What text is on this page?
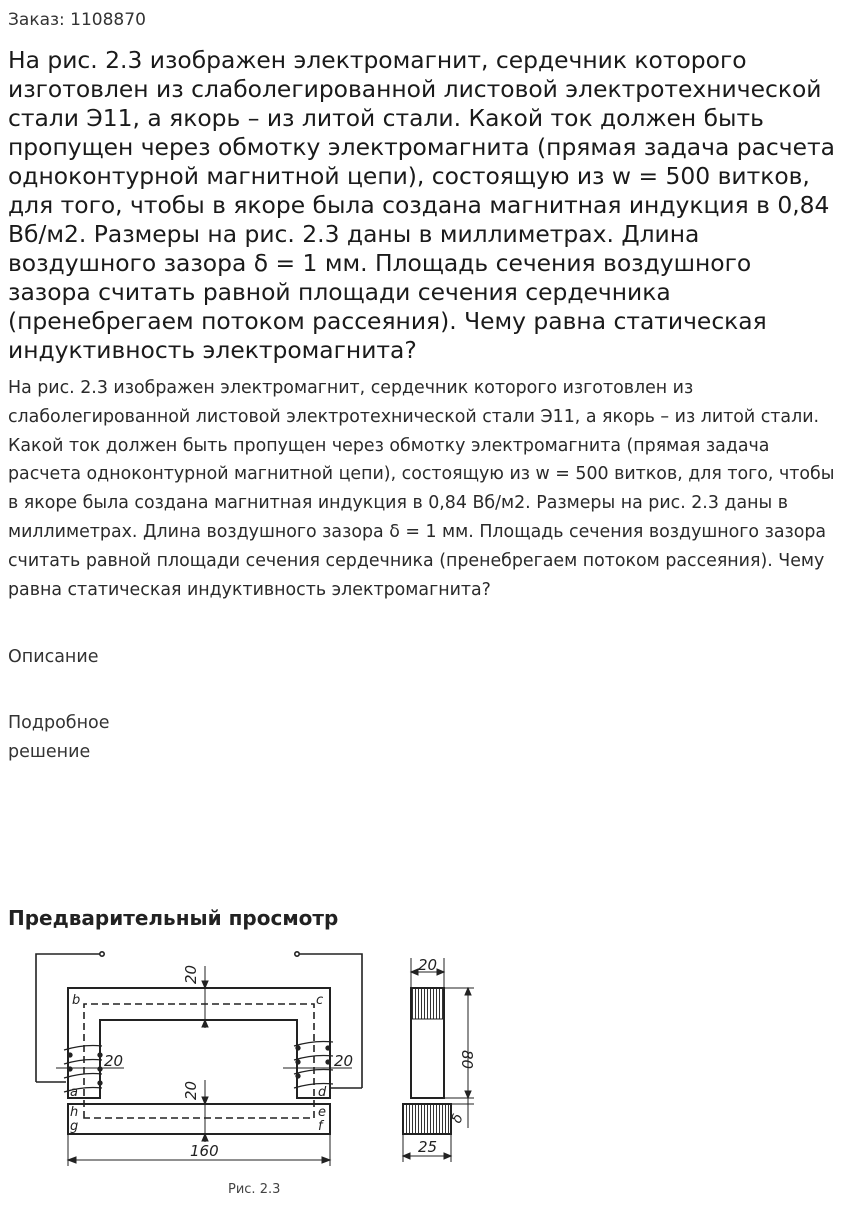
Заказ: 1108870
На рис. 2.3 изображен электромагнит, сердечник которого изготовлен из слаболегированной листовой электротехнической стали Э11, а якорь – из литой стали. Какой ток должен быть пропущен через обмотку электромагнита (прямая задача расчета одноконтурной магнитной цепи), состоящую из w = 500 витков, для того, чтобы в якоре была создана магнитная индукция в 0,84 Вб/м2. Размеры на рис. 2.3 даны в миллиметрах. Длина воздушного зазора δ = 1 мм. Площадь сечения воздушного зазора считать равной площади сечения сердечника (пренебрегаем потоком рассеяния). Чему равна статическая индуктивность электромагнита?

На рис. 2.3 изображен электромагнит, сердечник которого изготовлен из слаболегированной листовой электротехнической стали Э11, а якорь – из литой стали. Какой ток должен быть пропущен через обмотку электромагнита (прямая задача расчета одноконтурной магнитной цепи), состоящую из w = 500 витков, для того, чтобы в якоре была создана магнитная индукция в 0,84 Вб/м2. Размеры на рис. 2.3 даны в миллиметрах. Длина воздушного зазора δ = 1 мм. Площадь сечения воздушного зазора считать равной площади сечения сердечника (пренебрегаем потоком рассеяния). Чему равна статическая индуктивность электромагнита?

Описание
Подробное решение
Предварительный просмотр
20
20	20
20
160
b	c
a	d
h
g
e
f
20
80
δ
25
Рис. 2.3
